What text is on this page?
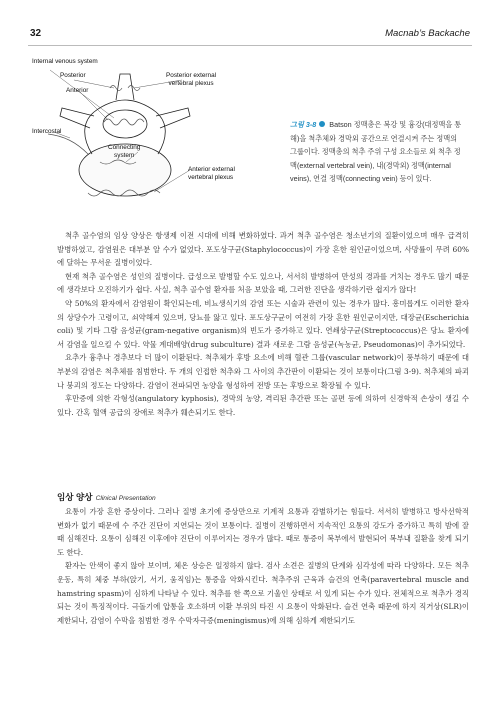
32	Macnab’s Backache
Internal venous system
Posterior	Posterior external
vertebral plexus
Anterior
Intercostal
Connecting
system
Anterior external
vertebral plexus
그림 3-8 Batson 정맥총은 복강 및 흉강(대정맥을 통해)을 척추체와 경막외 공간으로 연결시켜 주는 정맥의 그룹이다. 정맥총의 척추 주위 구성 요소들로 외 척추 정맥(external vertebral vein), 내(경막외) 정맥(internal veins), 연결 정맥(connecting vein) 등이 있다.

척추 골수염의 임상 양상은 항생제 이전 시대에 비해 변화하였다. 과거 척추 골수염은 청소년기의 질환이었으며 매우 급격히 발병하였고, 감염원은 대부분 알 수가 없었다. 포도상구균(Staphylococcus)이 가장 흔한 원인균이었으며, 사망률이 무려 60%에 달하는 무서운 질병이었다.

현재 척추 골수염은 성인의 질병이다. 급성으로 발병할 수도 있으나, 서서히 발병하여 만성의 경과를 거치는 경우도 많기 때문에 생각보다 오진하기가 쉽다. 사실, 척추 골수염 환자를 처음 보았을 때, 그러한 진단을 생각하기란 쉽지가 않다!

약 50%의 환자에서 감염원이 확인되는데, 비뇨생식기의 감염 또는 시술과 관련이 있는 경우가 많다. 흥미롭게도 이러한 환자의 상당수가 고령이고, 쇠약해져 있으며, 당뇨를 앓고 있다. 포도상구균이 여전히 가장 흔한 원인균이지만, 대장균(Escherichia coli) 및 기타 그람 음성균(gram-negative organism)의 빈도가 증가하고 있다. 연쇄상구균(Streptococcus)은 당뇨 환자에서 감염을 일으킬 수 있다. 약물 계대배양(drug subculture) 결과 새로운 그람 음성균(녹농균, Pseudomonas)이 추가되었다.

요추가 흉추나 경추보다 더 많이 이환된다. 척추체가 후방 요소에 비해 혈관 그룹(vascular network)이 풍부하기 때문에 대부분의 감염은 척추체를 침범한다. 두 개의 인접한 척추와 그 사이의 추간판이 이환되는 것이 보통이다(그림 3-9). 척추체의 파괴나 붕괴의 정도는 다양하다. 감염이 전파되면 농양을 형성하여 전방 또는 후방으로 확장될 수 있다.

후만증에 의한 각형성(angulatory kyphosis), 경막의 농양, 격리된 추간판 또는 골편 등에 의하여 신경학적 손상이 생길 수 있다. 간혹 혈액 공급의 장애로 척추가 훼손되기도 한다.

임상 양상 Clinical Presentation

요통이 가장 흔한 증상이다. 그러나 질병 초기에 증상만으로 기계적 요통과 감별하기는 힘들다. 서서히 발병하고 방사선학적 변화가 없기 때문에 수 주간 진단이 지연되는 것이 보통이다. 질병이 진행하면서 지속적인 요통의 강도가 증가하고 특히 밤에 잘 때 심해진다. 요통이 심해진 이후에야 진단이 이루어지는 경우가 많다. 때로 통증이 복부에서 발현되어 복부내 질환을 찾게 되기도 한다.

환자는 안색이 좋지 않아 보이며, 체온 상승은 일정하지 않다. 검사 소견은 질병의 단계와 심각성에 따라 다양하다. 모든 척추 운동, 특히 체중 부하(앉기, 서기, 움직임)는 통증을 악화시킨다. 척추주위 근육과 슬건의 연축(paravertebral muscle and hamstring spasm)이 심하게 나타날 수 있다. 척추를 한 쪽으로 기울인 상태로 서 있게 되는 수가 있다. 전체적으로 척추가 경직되는 것이 특징적이다. 극돌기에 압통을 호소하며 이환 부위의 타진 시 요통이 악화된다. 슬건 연축 때문에 하지 직거상(SLR)이 제한되나, 감염이 수막을 침범한 경우 수막자극증(meningismus)에 의해 심하게 제한되기도
